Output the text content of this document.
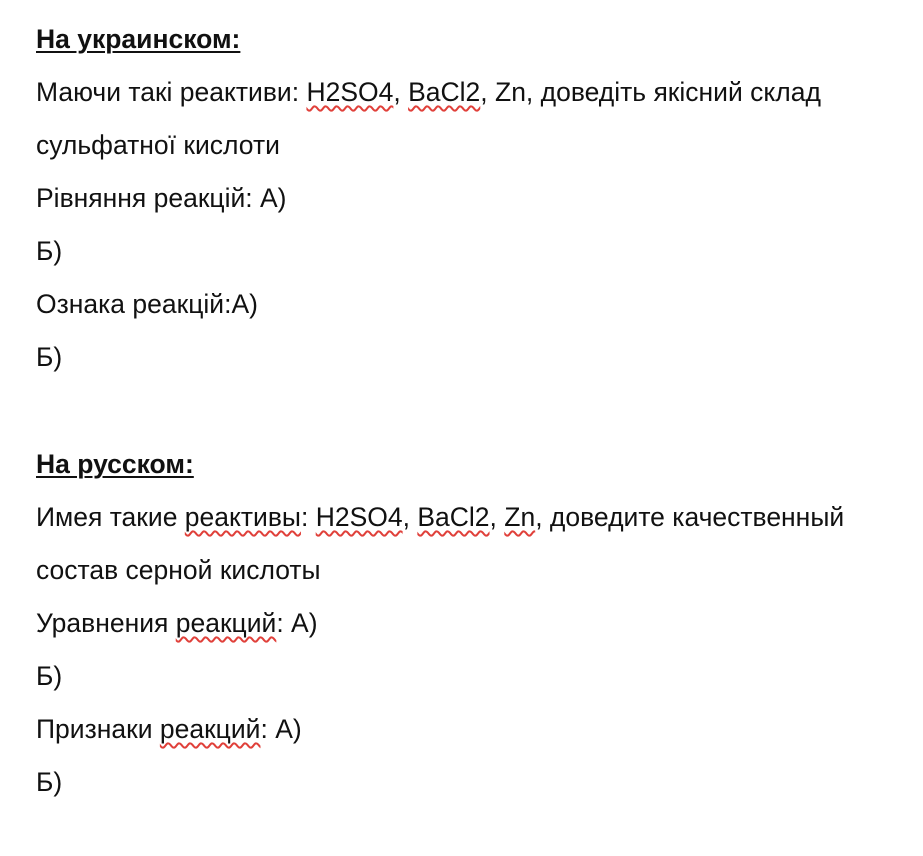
На украинском:
Маючи такі реактиви: H2SO4, BaCl2, Zn, доведіть якісний склад
сульфатної кислоти
Рівняння реакцій: А)
Б)
Ознака реакцій:А)
Б)
На русском:
Имея такие реактивы: H2SO4, BaCl2, Zn, доведите качественный
состав серной кислоты
Уравнения реакций: А)
Б)
Признаки реакций: А)
Б)
